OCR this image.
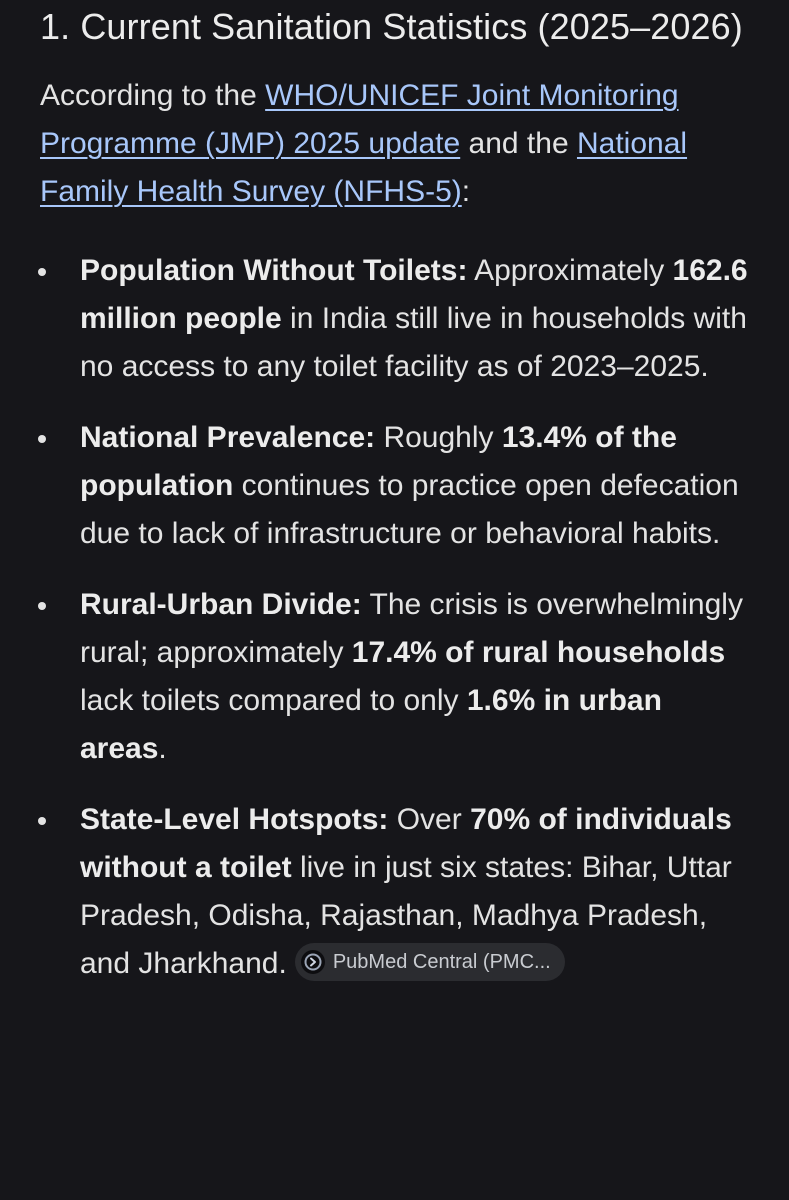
1. Current Sanitation Statistics (2025–2026)

According to the WHO/UNICEF Joint Monitoring Programme (JMP) 2025 update and the National Family Health Survey (NFHS-5):

Population Without Toilets: Approximately 162.6 million people in India still live in households with no access to any toilet facility as of 2023–2025.
National Prevalence: Roughly 13.4% of the population continues to practice open defecation due to lack of infrastructure or behavioral habits.
Rural-Urban Divide: The crisis is overwhelmingly rural; approximately 17.4% of rural households lack toilets compared to only 1.6% in urban areas.
State-Level Hotspots: Over 70% of individuals without a toilet live in just six states: Bihar, Uttar Pradesh, Odisha, Rajasthan, Madhya Pradesh, and Jharkhand. PubMed Central (PMC...
